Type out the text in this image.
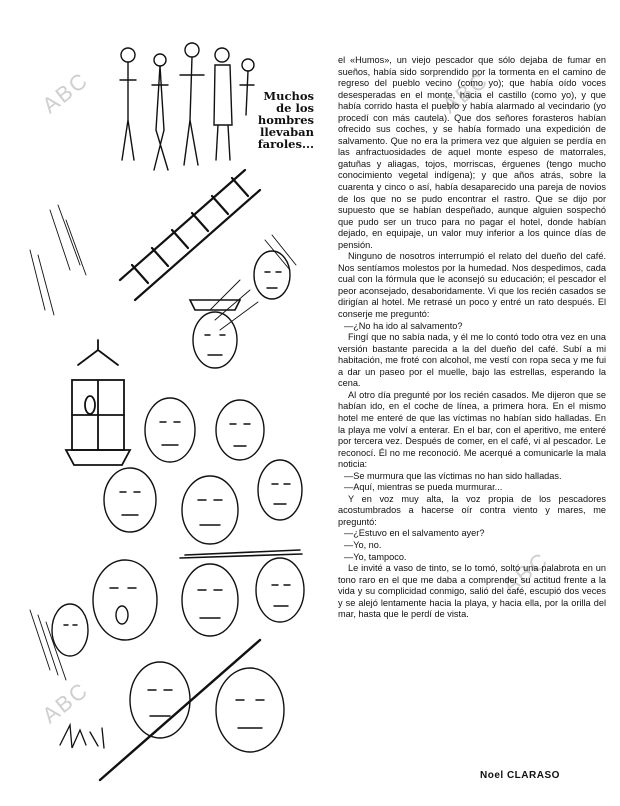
Muchos
de los hombres
llevaban
faroles...
ABC
ABC
ABC
ABC

el «Humos», un viejo pescador que sólo dejaba de fumar en sueños, había sido sorprendido por la tormenta en el camino de regreso del pueblo vecino (como yo); que había oído voces desesperadas en el monte, hacia el castillo (como yo), y que había corrido hasta el pueblo y había alarmado al vecindario (yo procedí con más cautela). Que dos señores forasteros habían ofrecido sus coches, y se había formado una expedición de salvamento. Que no era la primera vez que alguien se perdía en las anfractuosidades de aquel monte espeso de matorrales, gatuñas y aliagas, tojos, morriscas, érguenes (tengo mucho conocimiento vegetal indígena); y que años atrás, sobre la cuarenta y cinco o así, había desaparecido una pareja de novios de los que no se pudo encontrar el rastro. Que se dijo por supuesto que se habían despeñado, aunque alguien sospechó que pudo ser un truco para no pagar el hotel, donde habían dejado, en equipaje, un valor muy inferior a los quince días de pensión.

Ninguno de nosotros interrumpió el relato del dueño del café. Nos sentíamos molestos por la humedad. Nos despedimos, cada cual con la fórmula que le aconsejó su educación; el pescador el peor aconsejado, desaboridamente. Vi que los recién casados se dirigían al hotel. Me retrasé un poco y entré un rato después. El conserje me preguntó:

—¿No ha ido al salvamento?

Fingí que no sabía nada, y él me lo contó todo otra vez en una versión bastante parecida a la del dueño del café. Subí a mi habitación, me froté con alcohol, me vestí con ropa seca y me fui a dar un paseo por el muelle, bajo las estrellas, esperando la cena.

Al otro día pregunté por los recién casados. Me dijeron que se habían ido, en el coche de línea, a primera hora. En el mismo hotel me enteré de que las víctimas no habían sido halladas. En la playa me volví a enterar. En el bar, con el aperitivo, me enteré por tercera vez. Después de comer, en el café, vi al pescador. Le reconocí. Él no me reconoció. Me acerqué a comunicarle la mala noticia:

—Se murmura que las víctimas no han sido halladas.

—Aquí, mientras se pueda murmurar...

Y en voz muy alta, la voz propia de los pescadores acostumbrados a hacerse oír contra viento y mares, me preguntó:

—¿Estuvo en el salvamento ayer?

—Yo, no.

—Yo, tampoco.

Le invité a vaso de tinto, se lo tomó, soltó una palabrota en un tono raro en el que me daba a comprender su actitud frente a la vida y su complicidad conmigo, salió del café, escupió dos veces y se alejó lentamente hacia la playa, y hacia ella, por la orilla del mar, hasta que le perdí de vista.

Noel CLARASO
